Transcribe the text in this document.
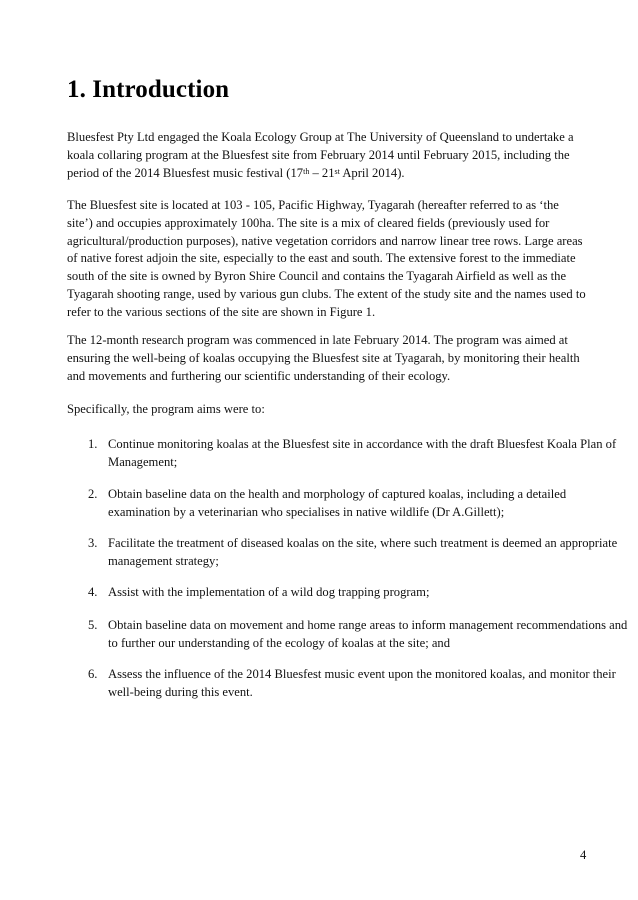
1. Introduction

Bluesfest Pty Ltd engaged the Koala Ecology Group at The University of Queensland to undertake a koala collaring program at the Bluesfest site from February 2014 until February 2015, including the period of the 2014 Bluesfest music festival (17th – 21st April 2014).

The Bluesfest site is located at 103 - 105, Pacific Highway, Tyagarah (hereafter referred to as ‘the site’) and occupies approximately 100ha. The site is a mix of cleared fields (previously used for agricultural/production purposes), native vegetation corridors and narrow linear tree rows. Large areas of native forest adjoin the site, especially to the east and south. The extensive forest to the immediate south of the site is owned by Byron Shire Council and contains the Tyagarah Airfield as well as the Tyagarah shooting range, used by various gun clubs. The extent of the study site and the names used to refer to the various sections of the site are shown in Figure 1.

The 12-month research program was commenced in late February 2014. The program was aimed at ensuring the well-being of koalas occupying the Bluesfest site at Tyagarah, by monitoring their health and movements and furthering our scientific understanding of their ecology.

Specifically, the program aims were to:

1. Continue monitoring koalas at the Bluesfest site in accordance with the draft Bluesfest Koala Plan of Management;
2. Obtain baseline data on the health and morphology of captured koalas, including a detailed examination by a veterinarian who specialises in native wildlife (Dr A.Gillett);
3. Facilitate the treatment of diseased koalas on the site, where such treatment is deemed an appropriate management strategy;
4. Assist with the implementation of a wild dog trapping program;
5. Obtain baseline data on movement and home range areas to inform management recommendations and to further our understanding of the ecology of koalas at the site; and
6. Assess the influence of the 2014 Bluesfest music event upon the monitored koalas, and monitor their well-being during this event.
4
